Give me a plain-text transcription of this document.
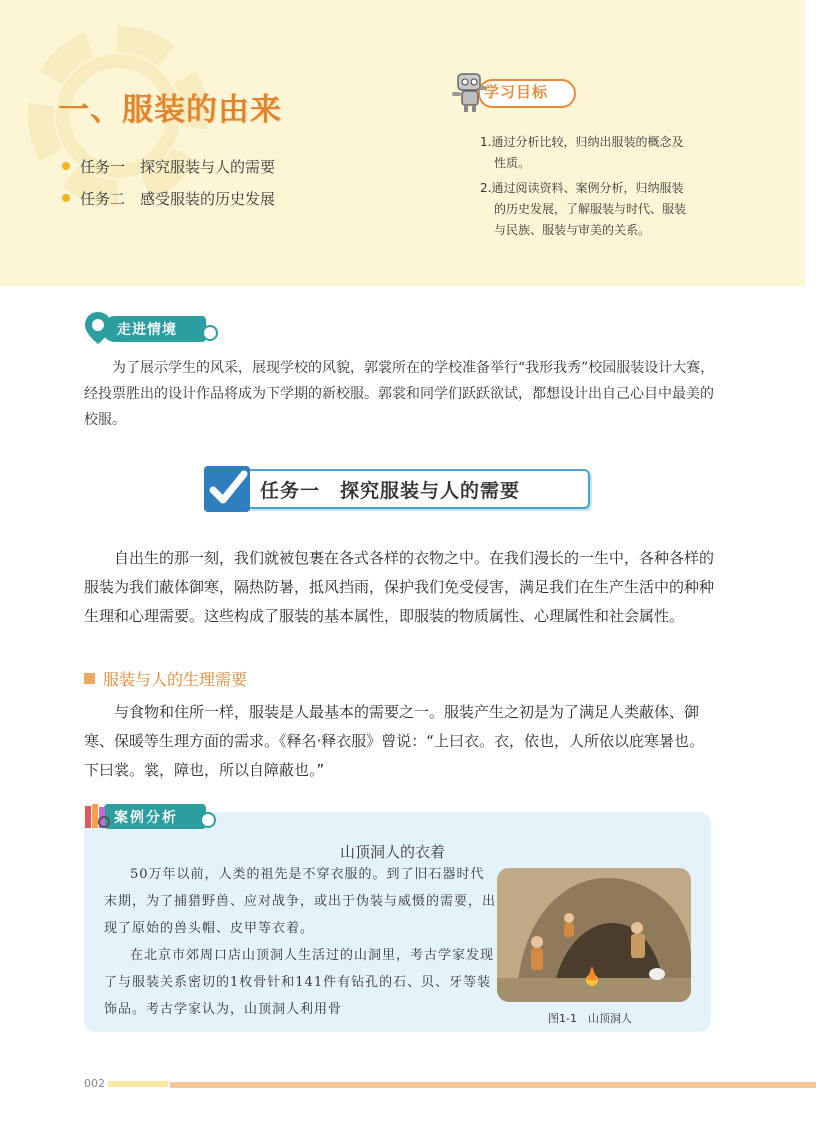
一、服装的由来
任务一　探究服装与人的需要
任务二　感受服装的历史发展
学习目标
1.通过分析比较，归纳出服装的概念及
性质。
2.通过阅读资料、案例分析，归纳服装
的历史发展，了解服装与时代、服装
与民族、服装与审美的关系。
走进情境
为了展示学生的风采，展现学校的风貌，郭裳所在的学校准备举行“我形我秀”校园服装设计大赛，经投票胜出的设计作品将成为下学期的新校服。郭裳和同学们跃跃欲试，都想设计出自己心目中最美的校服。
任务一　探究服装与人的需要
自出生的那一刻，我们就被包裹在各式各样的衣物之中。在我们漫长的一生中，各种各样的服装为我们蔽体御寒，隔热防暑，抵风挡雨，保护我们免受侵害，满足我们在生产生活中的种种生理和心理需要。这些构成了服装的基本属性，即服装的物质属性、心理属性和社会属性。
服装与人的生理需要
与食物和住所一样，服装是人最基本的需要之一。服装产生之初是为了满足人类蔽体、御寒、保暖等生理方面的需求。《释名·释衣服》曾说：“上曰衣。衣，依也，人所依以庇寒暑也。下曰裳。裳，障也，所以自障蔽也。”
案例分析
山顶洞人的衣着
50万年以前，人类的祖先是不穿衣服的。到了旧石器时代末期，为了捕猎野兽、应对战争，或出于伪装与威慑的需要，出现了原始的兽头帽、皮甲等衣着。
在北京市郊周口店山顶洞人生活过的山洞里，考古学家发现了与服装关系密切的1枚骨针和141件有钻孔的石、贝、牙等装饰品。考古学家认为，山顶洞人利用骨
图1-1　山顶洞人
002
